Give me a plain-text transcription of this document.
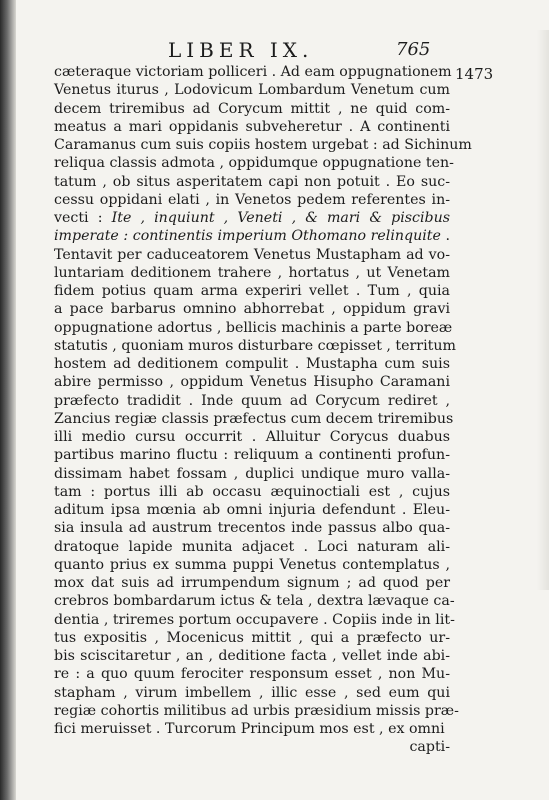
LIBER IX.	765
1473
cæteraque victoriam polliceri . Ad eam oppugnationem
Venetus iturus , Lodovicum Lombardum Venetum cum
decem triremibus ad Corycum mittit , ne quid com-
meatus a mari oppidanis subveheretur . A continenti
Caramanus cum suis copiis hostem urgebat : ad Sichinum
reliqua classis admota , oppidumque oppugnatione ten-
tatum , ob situs asperitatem capi non potuit . Eo suc-
cessu oppidani elati , in Venetos pedem referentes in-
vecti : Ite , inquiunt , Veneti , & mari & piscibus
imperate : continentis imperium Othomano relinquite .
Tentavit per caduceatorem Venetus Mustapham ad vo-
luntariam deditionem trahere , hortatus , ut Venetam
fidem potius quam arma experiri vellet . Tum , quia
a pace barbarus omnino abhorrebat , oppidum gravi
oppugnatione adortus , bellicis machinis a parte boreæ
statutis , quoniam muros disturbare cœpisset , territum
hostem ad deditionem compulit . Mustapha cum suis
abire permisso , oppidum Venetus Hisupho Caramani
præfecto tradidit . Inde quum ad Corycum rediret ,
Zancius regiæ classis præfectus cum decem triremibus
illi medio cursu occurrit . Alluitur Corycus duabus
partibus marino fluctu : reliquum a continenti profun-
dissimam habet fossam , duplici undique muro valla-
tam : portus illi ab occasu æquinoctiali est , cujus
aditum ipsa mœnia ab omni injuria defendunt . Eleu-
sia insula ad austrum trecentos inde passus albo qua-
dratoque lapide munita adjacet . Loci naturam ali-
quanto prius ex summa puppi Venetus contemplatus ,
mox dat suis ad irrumpendum signum ; ad quod per
crebros bombardarum ictus & tela , dextra lævaque ca-
dentia , triremes portum occupavere . Copiis inde in lit-
tus expositis , Mocenicus mittit , qui a præfecto ur-
bis sciscitaretur , an , deditione facta , vellet inde abi-
re : a quo quum ferociter responsum esset , non Mu-
stapham , virum imbellem , illic esse , sed eum qui
regiæ cohortis militibus ad urbis præsidium missis præ-
fici meruisset . Turcorum Principum mos est , ex omni
capti-
